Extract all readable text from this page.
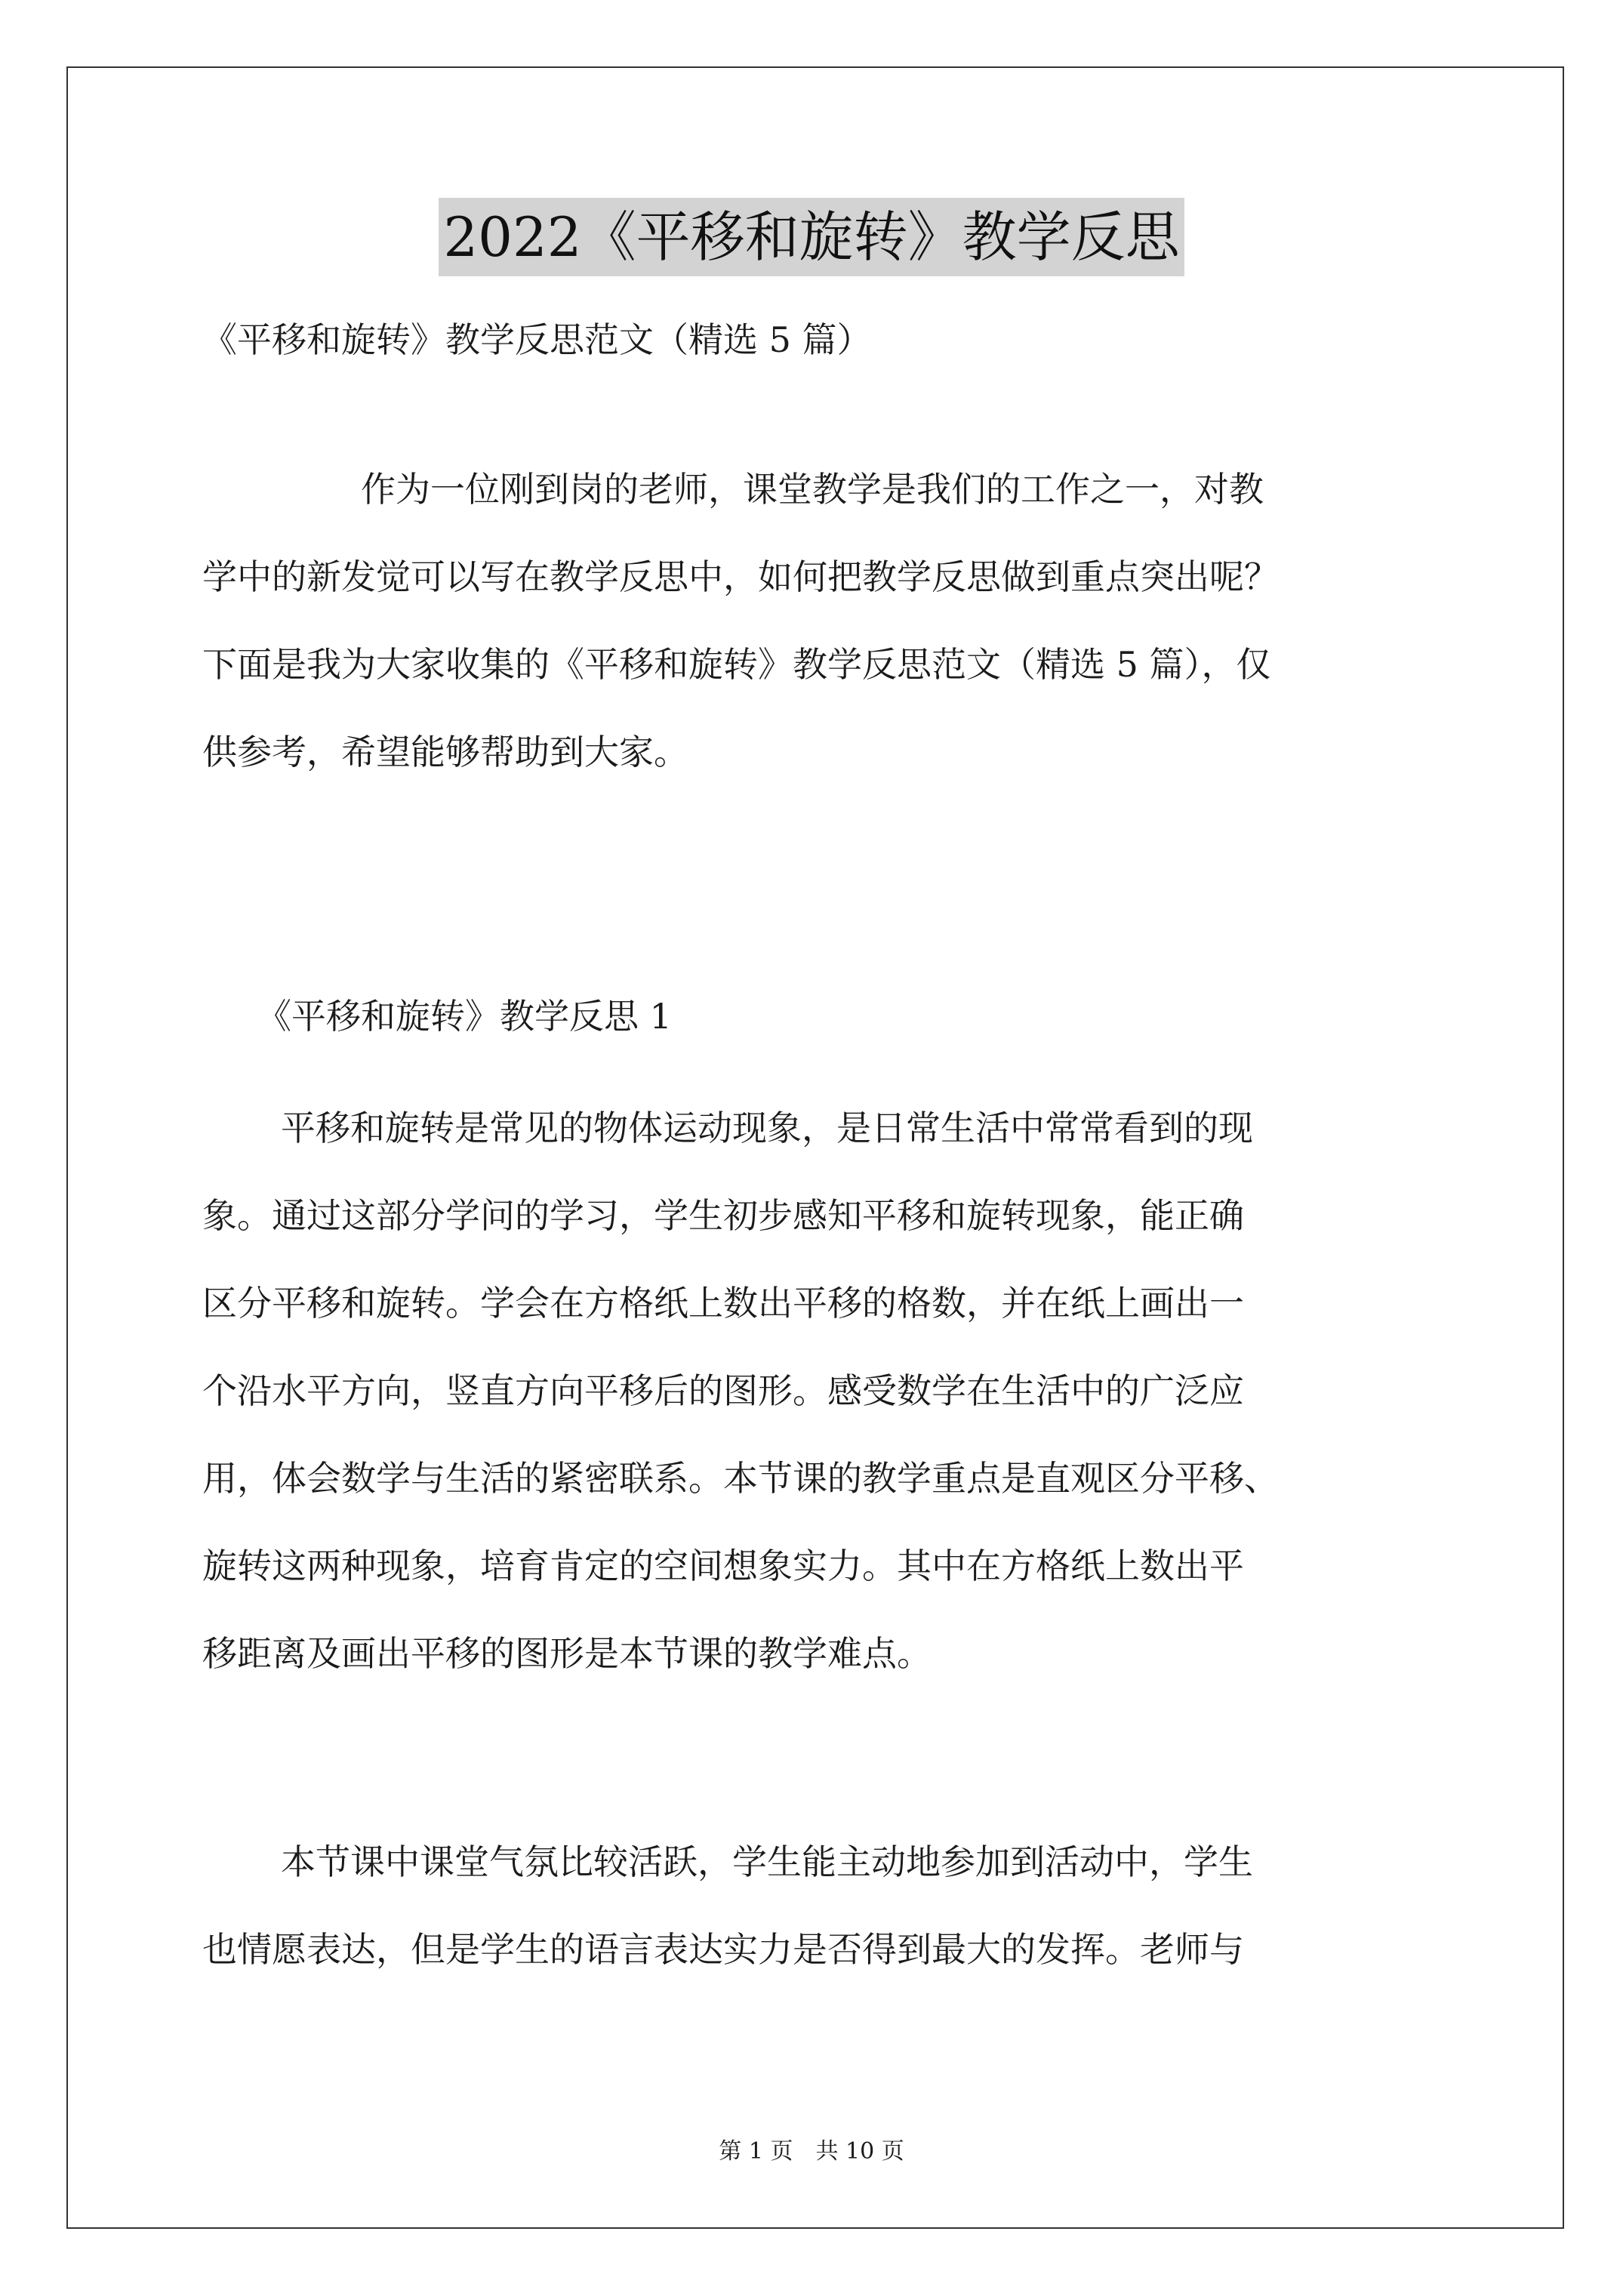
2022《平移和旋转》教学反思
《平移和旋转》教学反思范文（精选 5 篇）

作为一位刚到岗的老师，课堂教学是我们的工作之一，对教

学中的新发觉可以写在教学反思中，如何把教学反思做到重点突出呢？

下面是我为大家收集的《平移和旋转》教学反思范文（精选 5 篇），仅

供参考，希望能够帮助到大家。

《平移和旋转》教学反思 1

平移和旋转是常见的物体运动现象，是日常生活中常常看到的现

象。通过这部分学问的学习，学生初步感知平移和旋转现象，能正确

区分平移和旋转。学会在方格纸上数出平移的格数，并在纸上画出一

个沿水平方向，竖直方向平移后的图形。感受数学在生活中的广泛应

用，体会数学与生活的紧密联系。本节课的教学重点是直观区分平移、

旋转这两种现象，培育肯定的空间想象实力。其中在方格纸上数出平

移距离及画出平移的图形是本节课的教学难点。

本节课中课堂气氛比较活跃，学生能主动地参加到活动中，学生

也情愿表达，但是学生的语言表达实力是否得到最大的发挥。老师与

第 1 页　共 10 页
